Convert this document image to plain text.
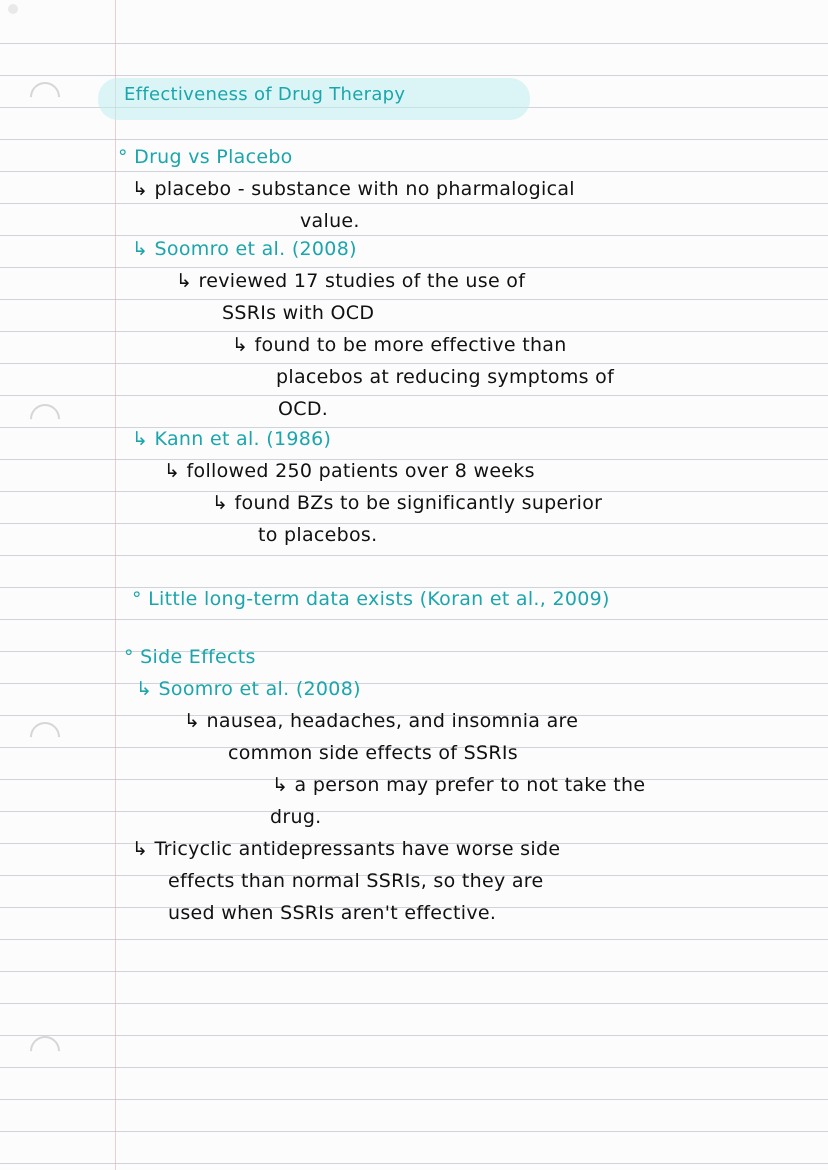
Effectiveness of Drug Therapy
° Drug vs Placebo
↳ placebo - substance with no pharmalogical
value.
↳ Soomro et al. (2008)
↳ reviewed 17 studies of the use of
SSRIs with OCD
↳ found to be more effective than
placebos at reducing symptoms of
OCD.
↳ Kann et al. (1986)
↳ followed 250 patients over 8 weeks
↳ found BZs to be significantly superior
to placebos.
° Little long-term data exists (Koran et al., 2009)
° Side Effects
↳ Soomro et al. (2008)
↳ nausea, headaches, and insomnia are
common side effects of SSRIs
↳ a person may prefer to not take the
drug.
↳ Tricyclic antidepressants have worse side
effects than normal SSRIs, so they are
used when SSRIs aren't effective.
